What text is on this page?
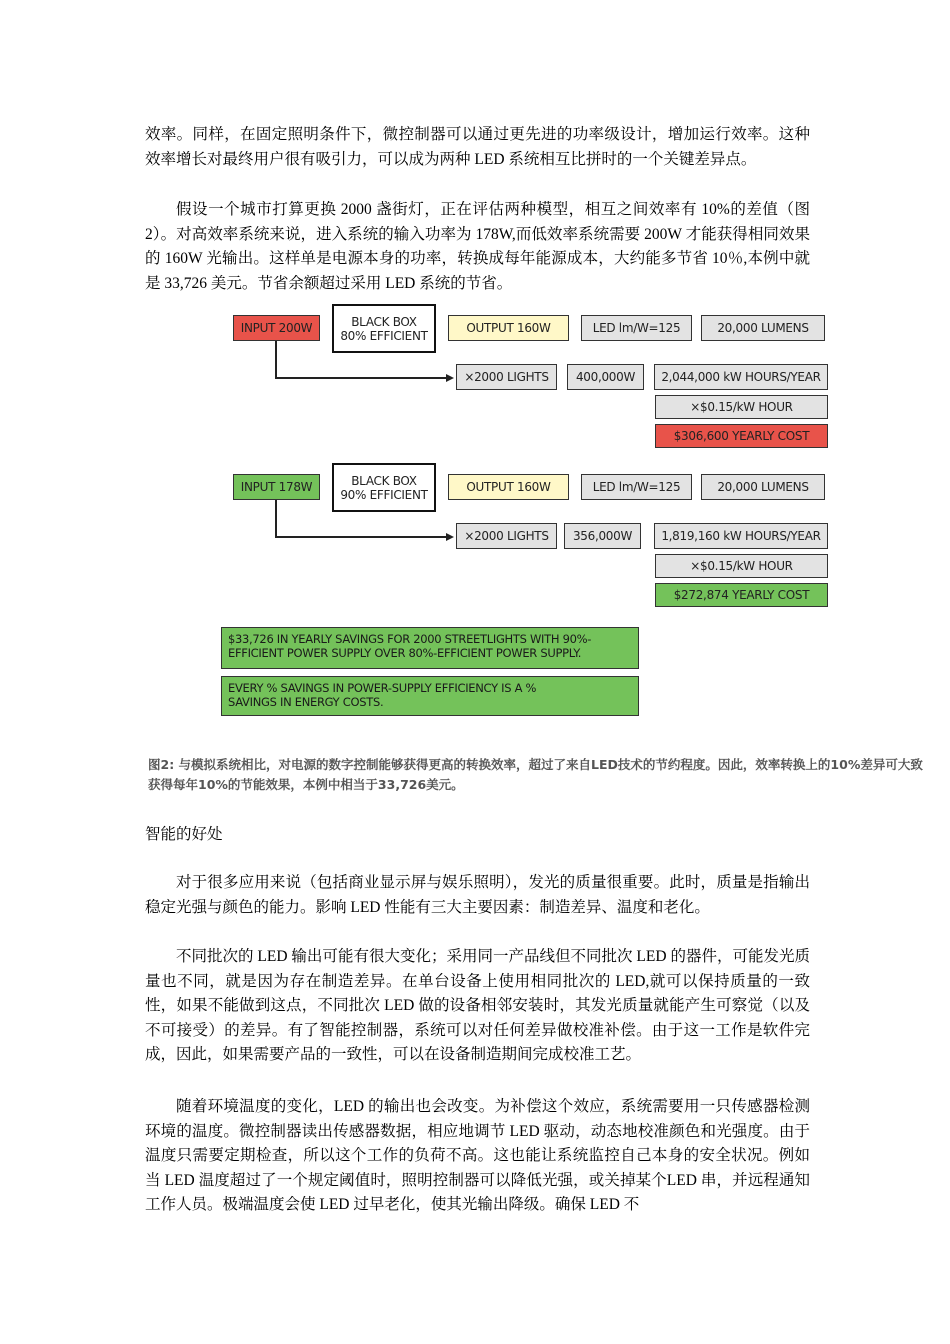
效率。同样，在固定照明条件下，微控制器可以通过更先进的功率级设计，增加运行效率。这种效率增长对最终用户很有吸引力，可以成为两种 LED 系统相互比拼时的一个关键差异点。
假设一个城市打算更换 2000 盏街灯，正在评估两种模型，相互之间效率有 10%的差值（图 2）。对高效率系统来说，进入系统的输入功率为 178W,而低效率系统需要 200W 才能获得相同效果的 160W 光输出。这样单是电源本身的功率，转换成每年能源成本，大约能多节省 10％,本例中就是 33,726 美元。节省余额超过采用 LED 系统的节省。
INPUT 200W	BLACK BOX
80% EFFICIENT
OUTPUT 160W	LED lm/W=125	20,000 LUMENS
×2000 LIGHTS	400,000W	2,044,000 kW HOURS/YEAR
×$0.15/kW HOUR
$306,600 YEARLY COST
INPUT 178W	BLACK BOX
90% EFFICIENT
OUTPUT 160W	LED lm/W=125	20,000 LUMENS
×2000 LIGHTS	356,000W	1,819,160 kW HOURS/YEAR
×$0.15/kW HOUR
$272,874 YEARLY COST
$33,726 IN YEARLY SAVINGS FOR 2000 STREETLIGHTS WITH 90%-
EFFICIENT POWER SUPPLY OVER 80%-EFFICIENT POWER SUPPLY.
EVERY % SAVINGS IN POWER-SUPPLY EFFICIENCY IS A %
SAVINGS IN ENERGY COSTS.
图2: 与模拟系统相比，对电源的数字控制能够获得更高的转换效率，超过了来自LED技术的节约程度。因此，效率转换上的10%差异可大致获得每年10%的节能效果，本例中相当于33,726美元。
智能的好处
对于很多应用来说（包括商业显示屏与娱乐照明），发光的质量很重要。此时，质量是指输出稳定光强与颜色的能力。影响 LED 性能有三大主要因素：制造差异、温度和老化。
不同批次的 LED 输出可能有很大变化；采用同一产品线但不同批次 LED 的器件，可能发光质量也不同，就是因为存在制造差异。在单台设备上使用相同批次的 LED,就可以保持质量的一致性，如果不能做到这点，不同批次 LED 做的设备相邻安装时，其发光质量就能产生可察觉（以及不可接受）的差异。有了智能控制器，系统可以对任何差异做校准补偿。由于这一工作是软件完成，因此，如果需要产品的一致性，可以在设备制造期间完成校准工艺。
随着环境温度的变化，LED 的输出也会改变。为补偿这个效应，系统需要用一只传感器检测环境的温度。微控制器读出传感器数据，相应地调节 LED 驱动，动态地校准颜色和光强度。由于温度只需要定期检查，所以这个工作的负荷不高。这也能让系统监控自己本身的安全状况。例如当 LED 温度超过了一个规定阈值时，照明控制器可以降低光强，或关掉某个LED 串，并远程通知工作人员。极端温度会使 LED 过早老化，使其光输出降级。确保 LED 不
